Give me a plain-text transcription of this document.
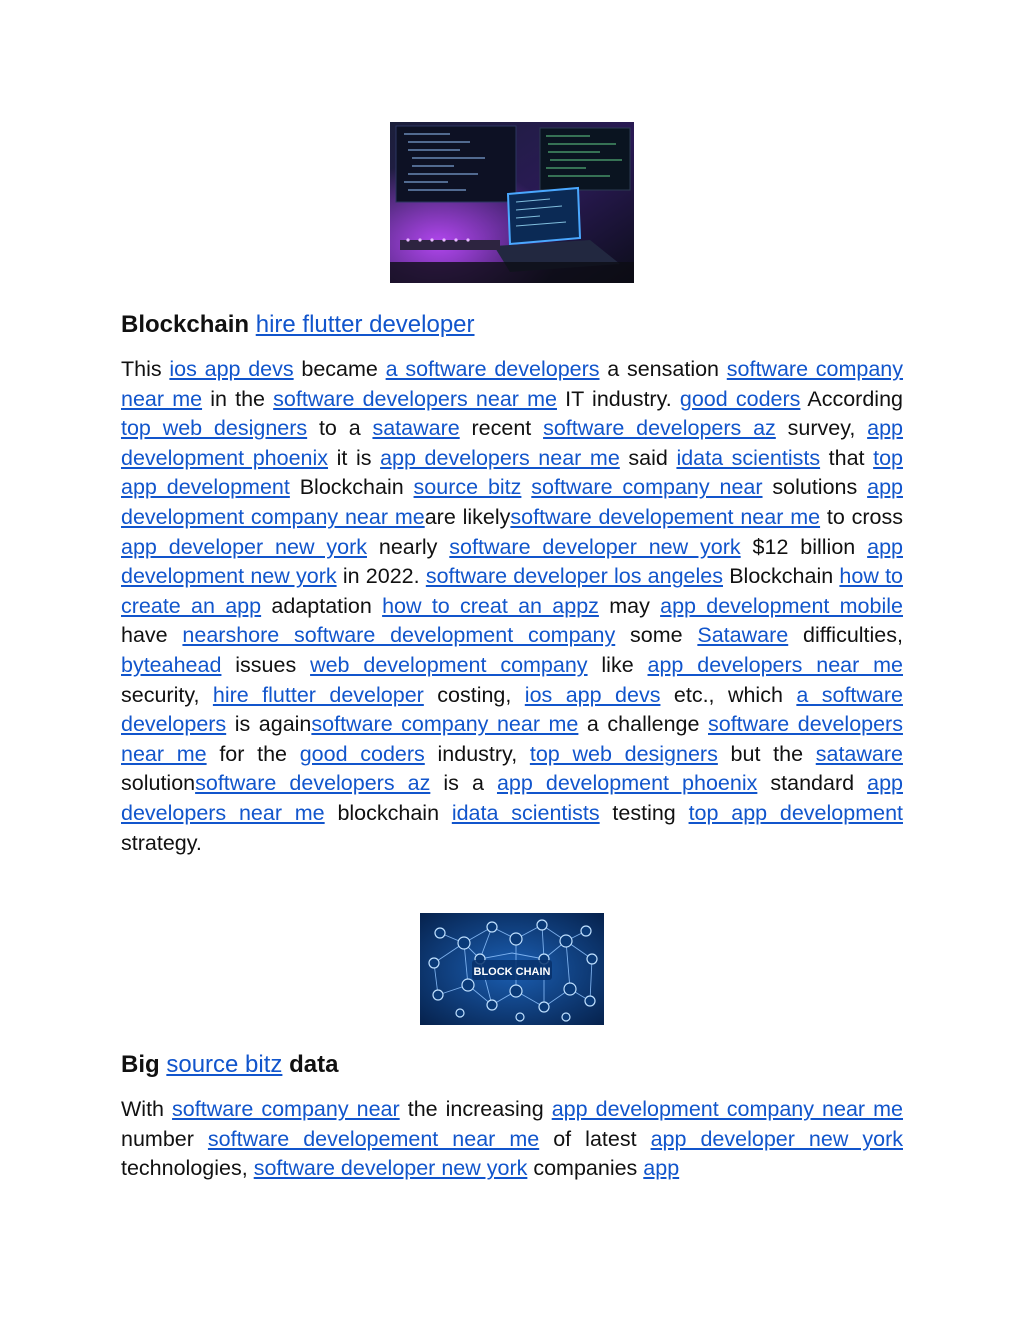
Blockchain hire flutter developer

This ios app devs became a software developers a sensation software company near me in the software developers near me IT industry. good coders According top web designers to a sataware recent software developers az survey, app development phoenix it is app developers near me said idata scientists that top app development Blockchain source bitz software company near solutions app development company near meare likelysoftware developement near me to cross app developer new york nearly software developer new york $12 billion app development new york in 2022. software developer los angeles Blockchain how to create an app adaptation how to creat an appz may app development mobile have nearshore software development company some Sataware difficulties, byteahead issues web development company like app developers near me security, hire flutter developer costing, ios app devs etc., which a software developers is againsoftware company near me a challenge software developers near me for the good coders industry, top web designers but the sataware solutionsoftware developers az is a app development phoenix standard app developers near me blockchain idata scientists testing top app development strategy.

BLOCK CHAIN
Big source bitz data

With software company near the increasing app development company near me number software developement near me of latest app developer new york technologies, software developer new york companies app
